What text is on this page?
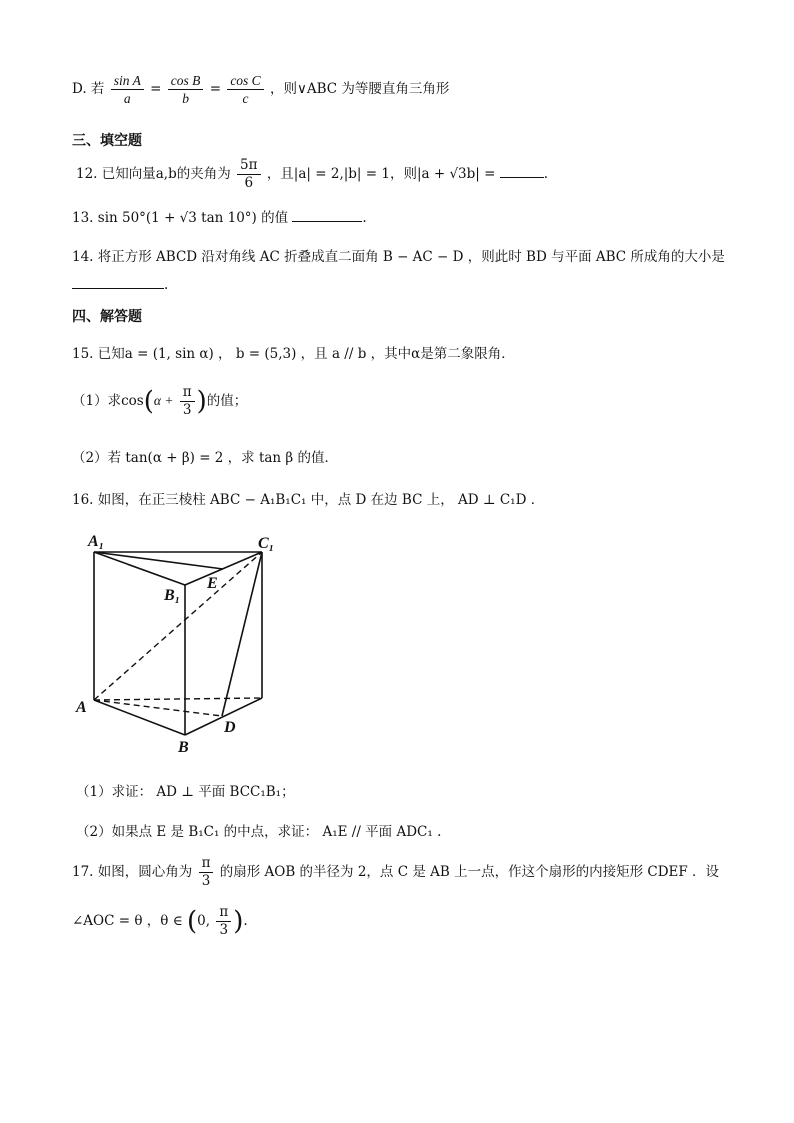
D. 若 $\frac{\text{sin A}}{a} = \frac{\text{cos B}}{b} = \frac{\text{cos C}}{c}$ ，则∨ABC 为等腰直角三角形
三、填空题
12. 已知向量a,b的夹角为 $\frac{5\pi}{6}$ ，且|a| = 2,|b| = 1，则|a + √3b| =	.
13. sin 50°(1 + √3 tan 10°) 的值	.
14. 将正方形 ABCD 沿对角线 AC 折叠成直二面角 B − AC − D ，则此时 BD 与平面 ABC 所成角的大小是
.
四、解答题
15. 已知a = (1, sin α) ， b = (5,3) ，且 a // b ，其中α是第二象限角．
（1）求$\cos(\alpha + \frac{\pi}{3}$ )的值；
（2）若 tan(α + β) = 2 ，求 tan β 的值．
16. 如图，在正三棱柱 ABC − A₁B₁C₁ 中，点 D 在边 BC 上， AD ⊥ C₁D ．
A₁	C₁
B₁
E
A
B
D
（1）求证： AD ⊥ 平面 BCC₁B₁；
（2）如果点 E 是 B₁C₁ 的中点，求证： A₁E // 平面 ADC₁ .
17. 如图，圆心角为 $\frac{\pi}{3}$ 的扇形 AOB 的半径为 2，点 C 是 AB 上一点，作这个扇形的内接矩形 CDEF ．设
∠AOC = θ ，θ ∈ (0, $\frac{\pi}{3}$ ).
